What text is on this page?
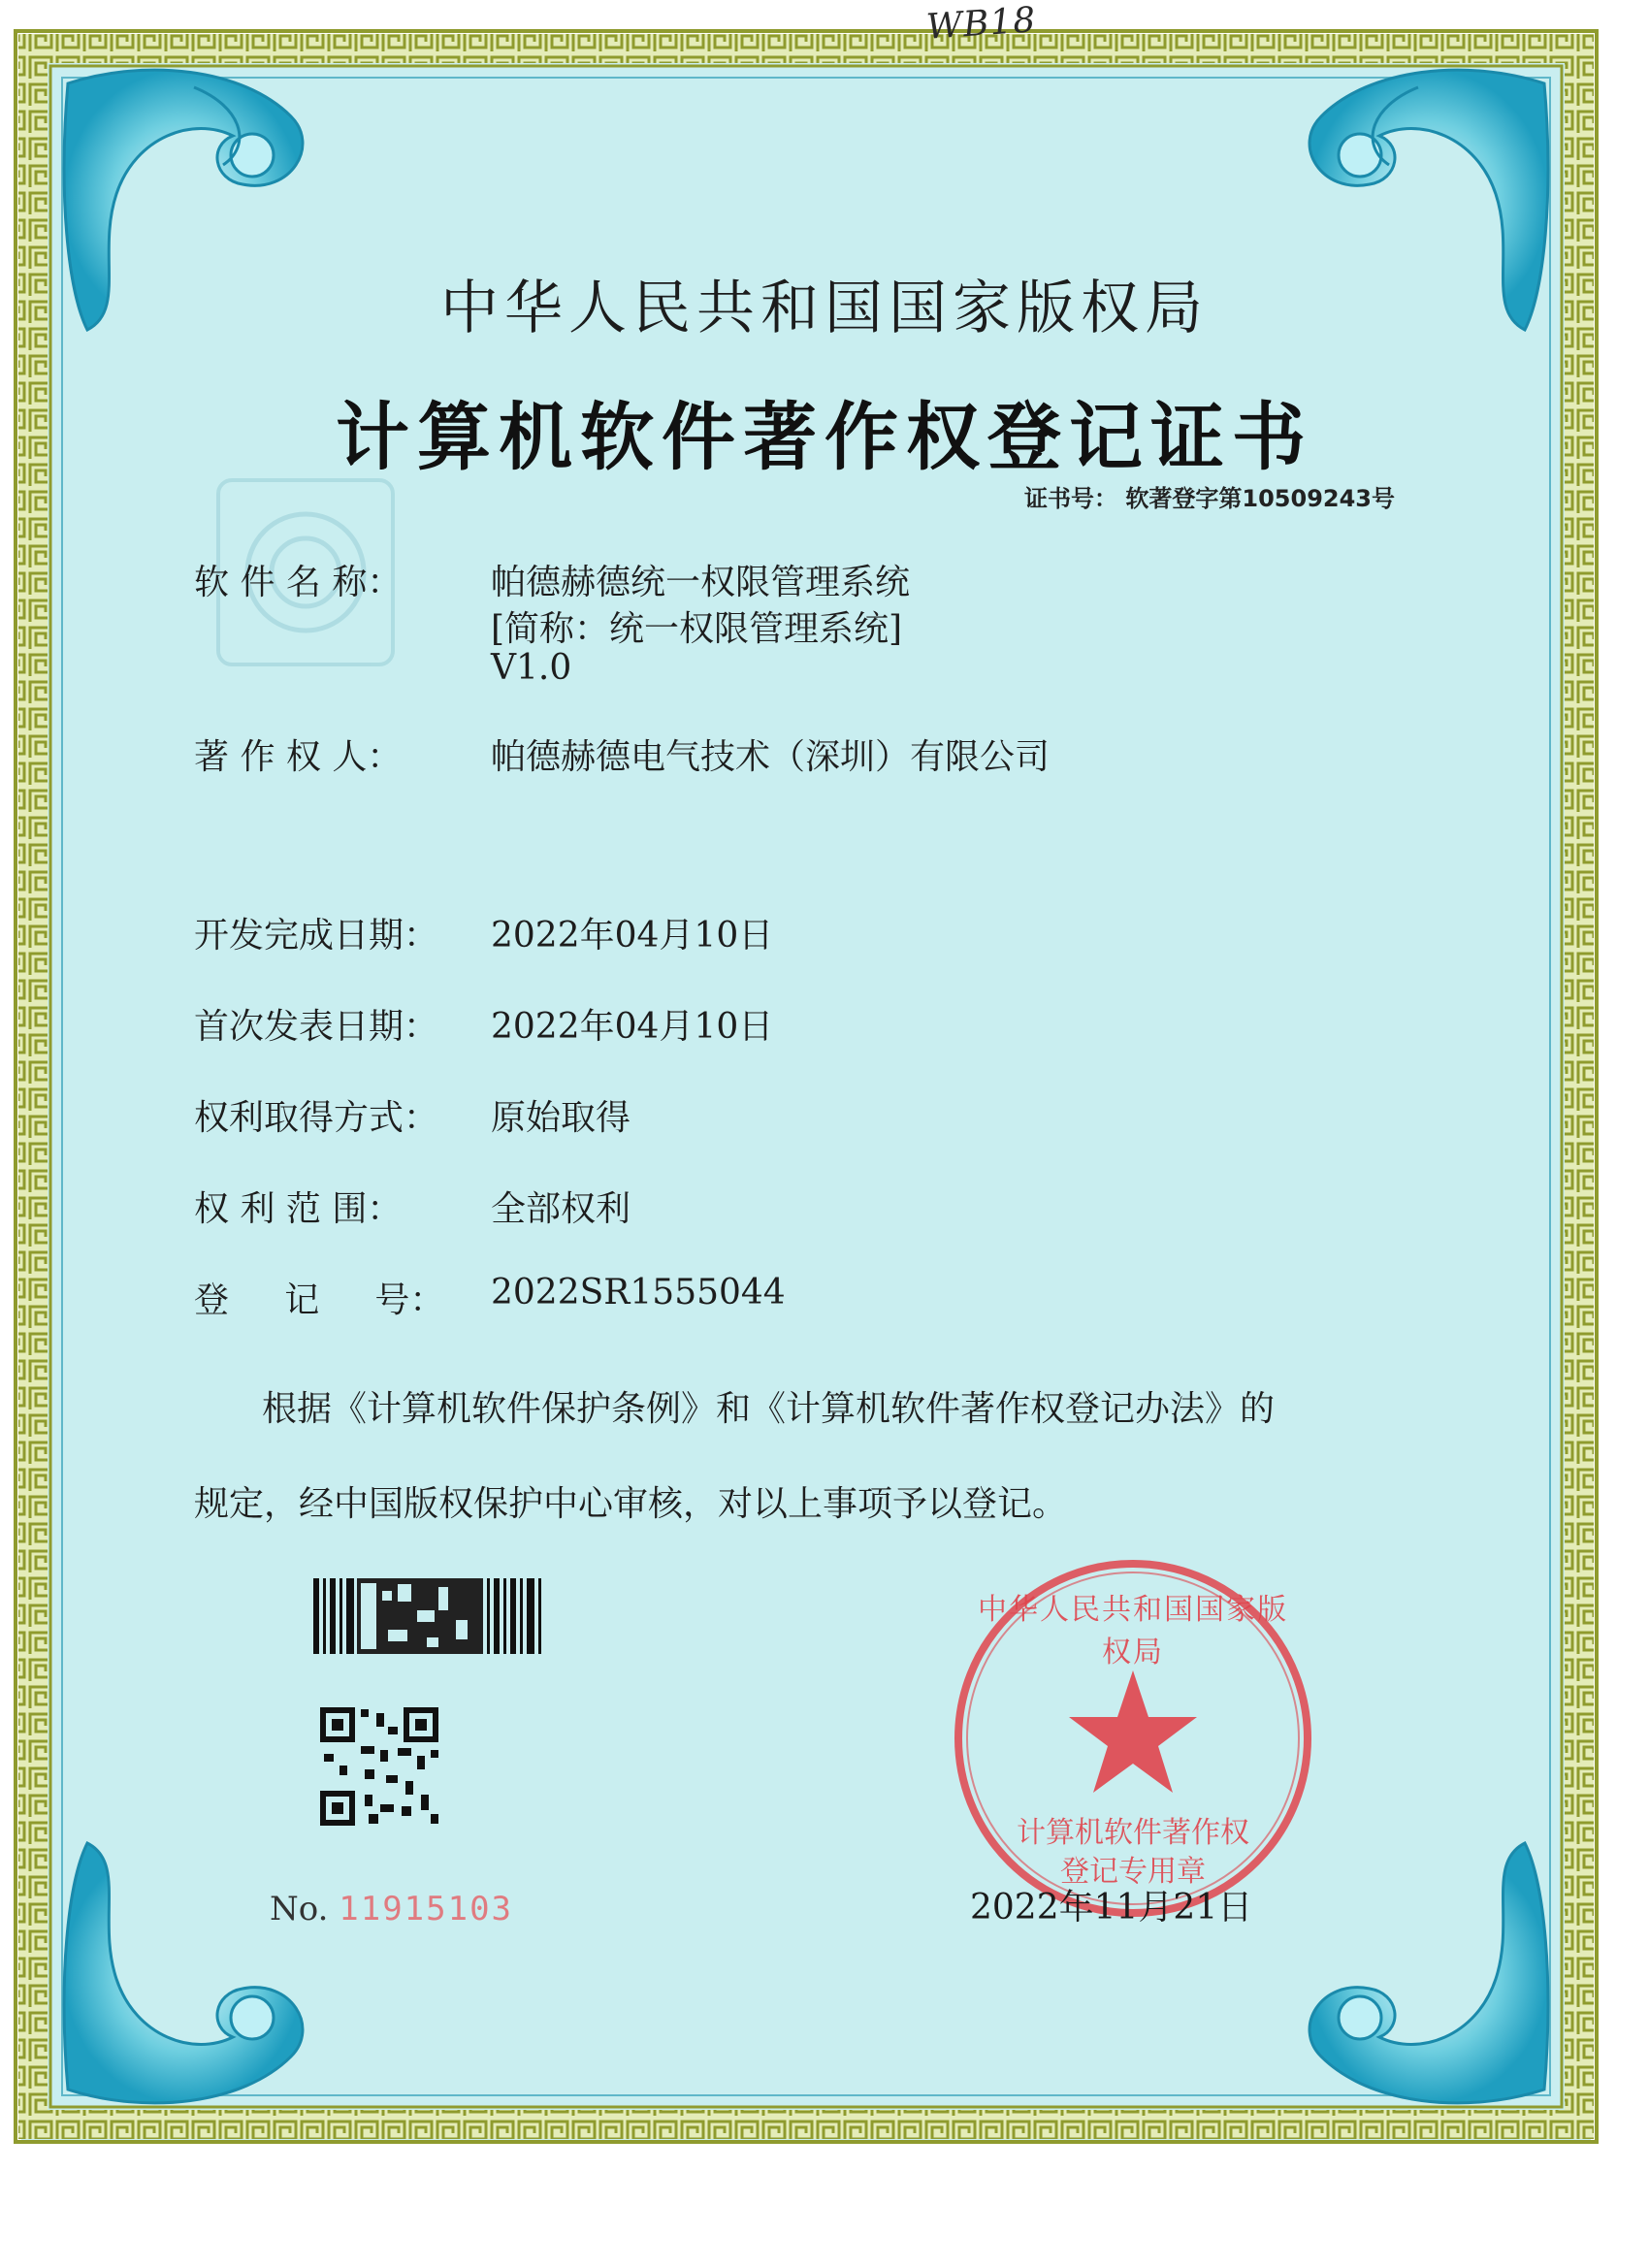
中华人民共和国国家版权局
计算机软件著作权
登记专用章
WB18
中华人民共和国国家版权局
计算机软件著作权登记证书
证书号： 软著登字第10509243号
软 件 名 称：	帕德赫德统一权限管理系统
[简称：统一权限管理系统]
V1.0
著 作 权 人：	帕德赫德电气技术（深圳）有限公司
开发完成日期： 2022年04月10日
首次发表日期： 2022年04月10日
权利取得方式： 原始取得
权 利 范 围：	全部权利
登     记     号： 2022SR1555044
根据《计算机软件保护条例》和《计算机软件著作权登记办法》的
规定，经中国版权保护中心审核，对以上事项予以登记。
No. 11915103	2022年11月21日
